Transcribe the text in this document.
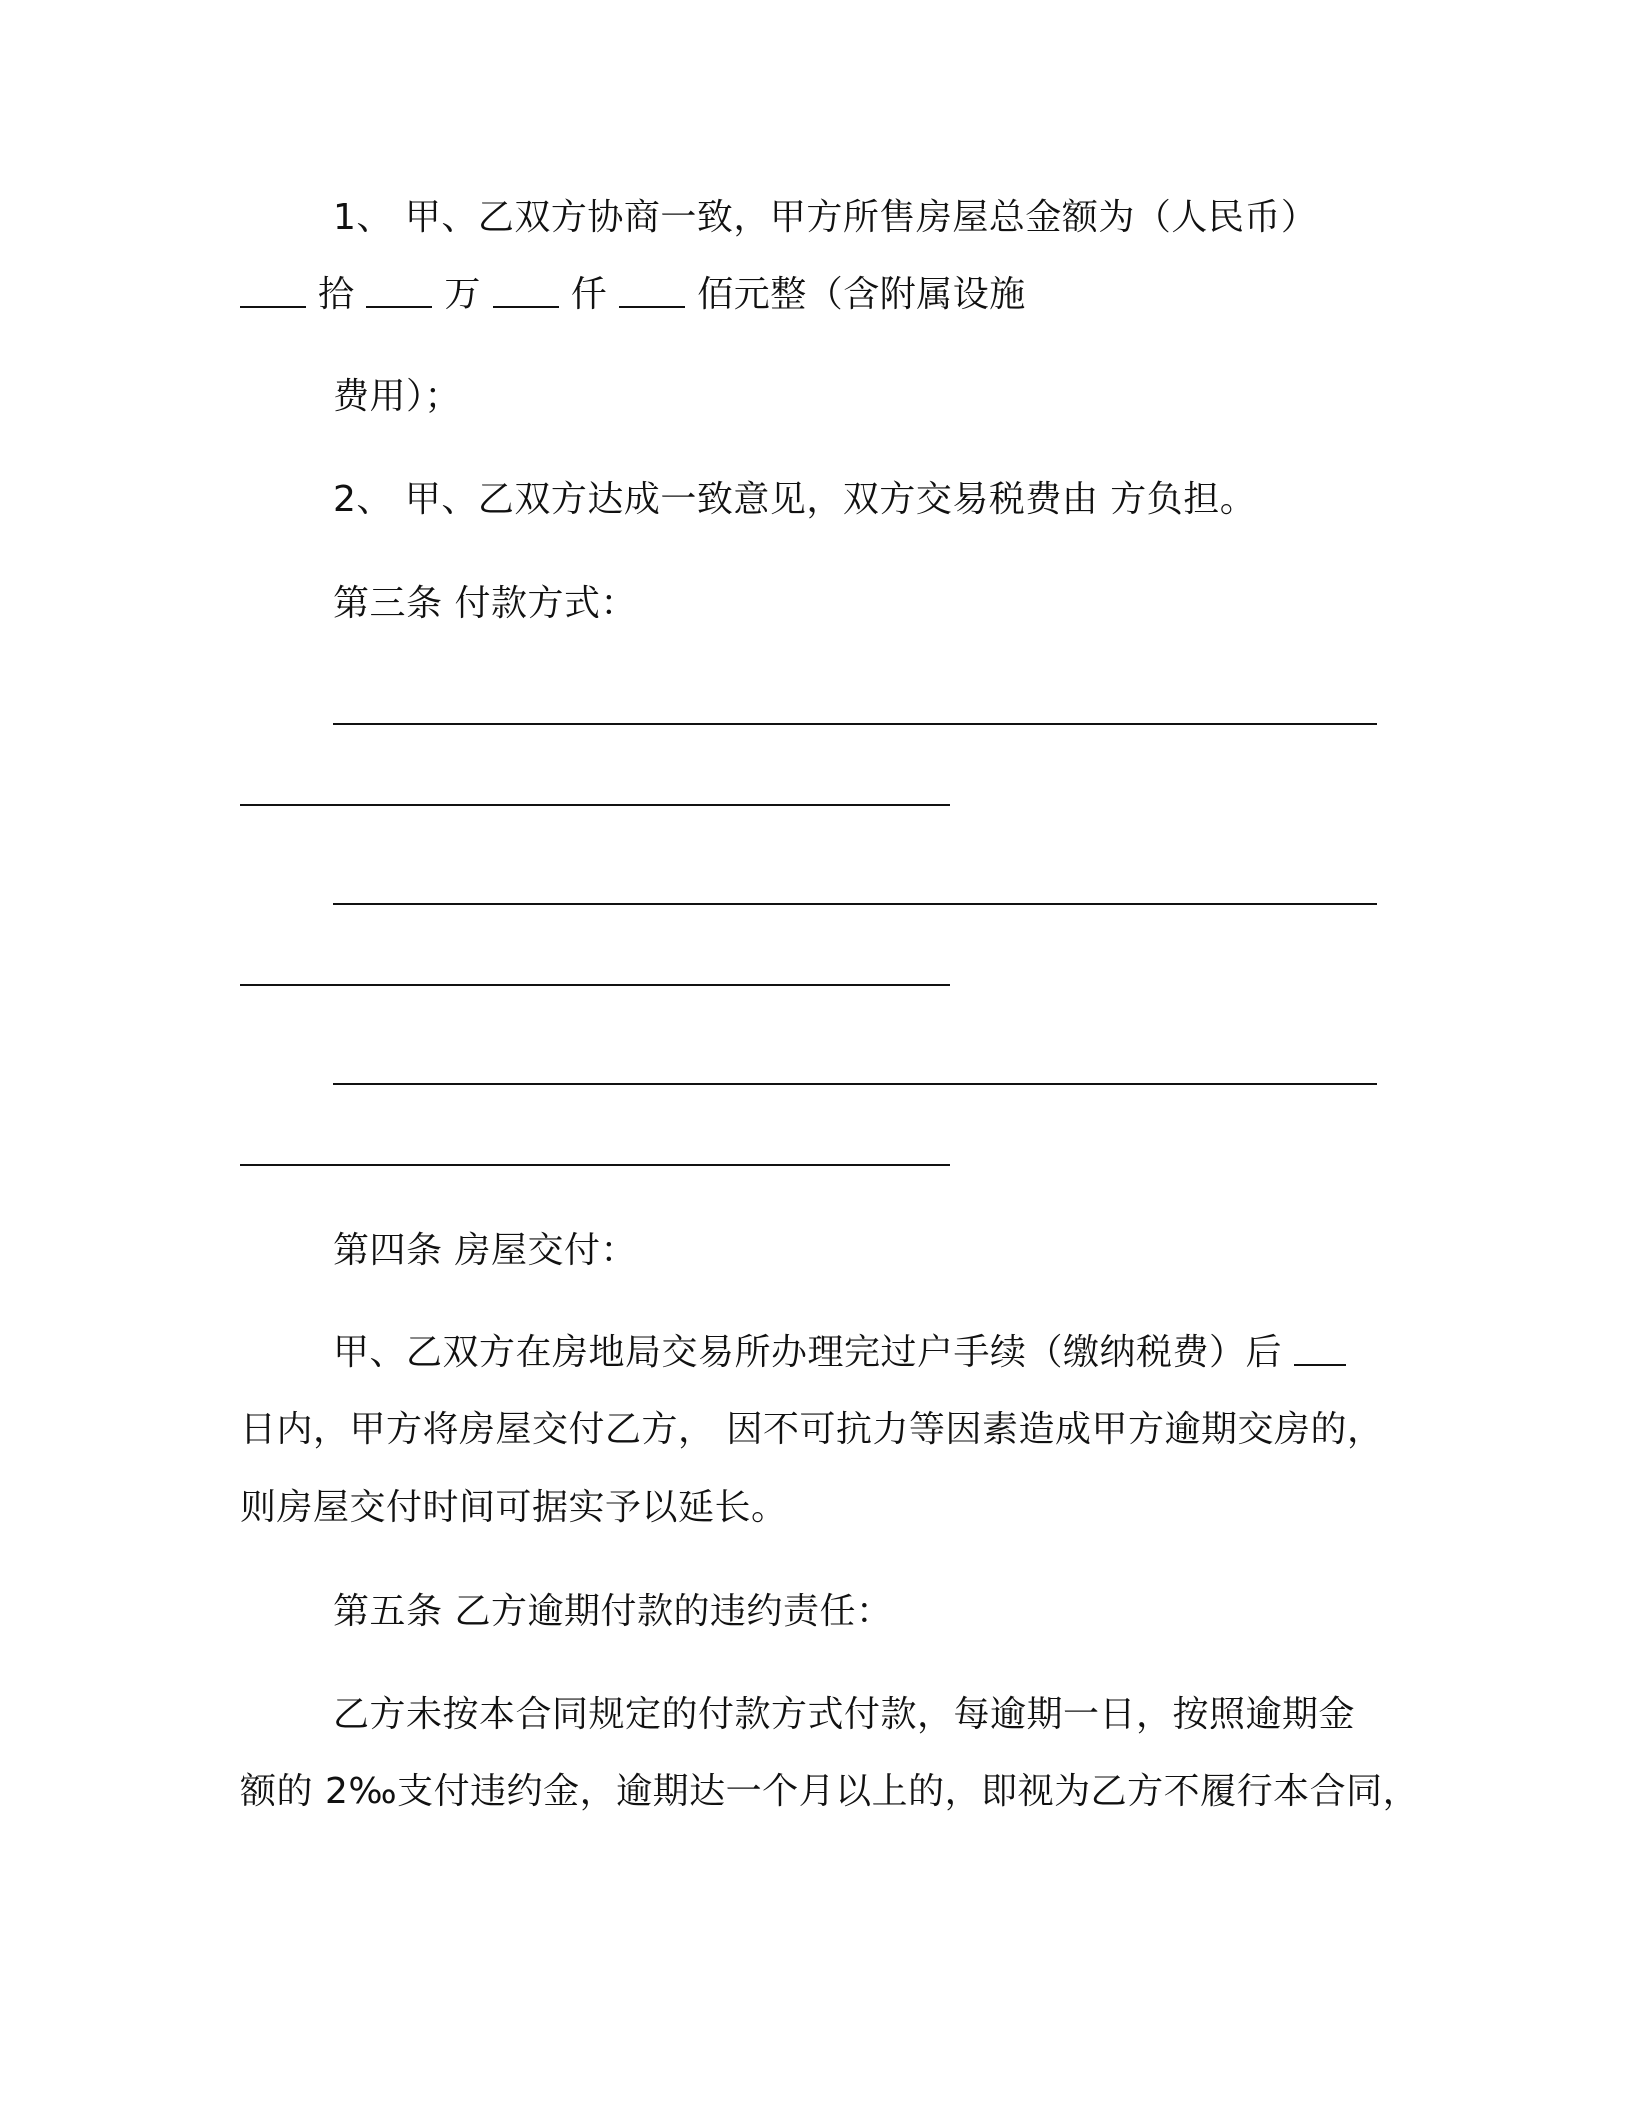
1、 甲、乙双方协商一致，甲方所售房屋总金额为（人民币）
拾 万 仟 佰元整（含附属设施
费用）；
2、 甲、乙双方达成一致意见，双方交易税费由 方负担。
第三条 付款方式：
第四条 房屋交付：
甲、乙双方在房地局交易所办理完过户手续（缴纳税费）后
日内，甲方将房屋交付乙方， 因不可抗力等因素造成甲方逾期交房的，
则房屋交付时间可据实予以延长。
第五条 乙方逾期付款的违约责任：
乙方未按本合同规定的付款方式付款，每逾期一日，按照逾期金
额的 2‰支付违约金，逾期达一个月以上的，即视为乙方不履行本合同，
